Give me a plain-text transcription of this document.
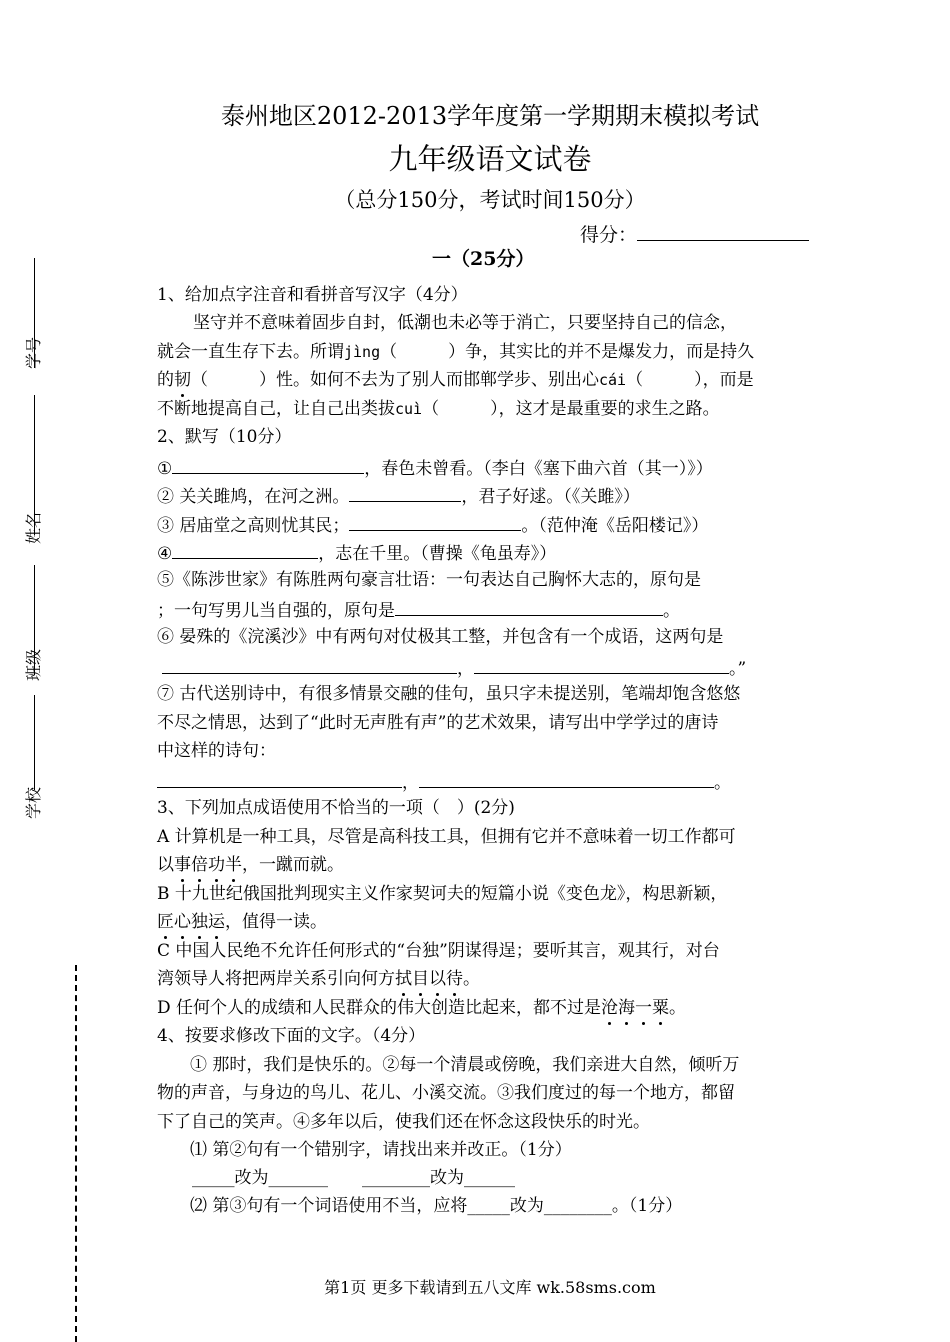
学号
姓名
班级
学校
泰州地区2012-2013学年度第一学期期末模拟考试
九年级语文试卷
（总分150分，考试时间150分）
得分：
一（25分）
1、给加点字注音和看拼音写汉字（4分）
坚守并不意味着固步自封，低潮也未必等于消亡，只要坚持自己的信念，
就会一直生存下去。所谓jìng（　　　）争，其实比的并不是爆发力，而是持久
的韧（　　　）性。如何不去为了别人而邯郸学步、别出心cái（　　　），而是
不断地提高自己，让自己出类拔cuì（　　　），这才是最重要的求生之路。
2、默写（10分）
①	，春色未曾看。（李白《塞下曲六首（其一）》）
② 关关雎鸠，在河之洲。	，君子好逑。（《关雎》）
③ 居庙堂之高则忧其民；	。（范仲淹《岳阳楼记》）
④	，志在千里。（曹操《龟虽寿》）
⑤《陈涉世家》有陈胜两句豪言壮语：一句表达自己胸怀大志的，原句是
；一句写男儿当自强的，原句是	。
⑥ 晏殊的《浣溪沙》中有两句对仗极其工整，并包含有一个成语，这两句是
，	。”
⑦ 古代送别诗中，有很多情景交融的佳句，虽只字未提送别，笔端却饱含悠悠
不尽之情思，达到了“此时无声胜有声”的艺术效果，请写出中学学过的唐诗
中这样的诗句：
，	。
3、下列加点成语使用不恰当的一项（　）(2分)
A 计算机是一种工具，尽管是高科技工具，但拥有它并不意味着一切工作都可
以事倍功半，一蹴而就。
B 十九世纪俄国批判现实主义作家契诃夫的短篇小说《变色龙》，构思新颖，
匠心独运，值得一读。
C 中国人民绝不允许任何形式的“台独”阴谋得逞；要听其言，观其行，对台
湾领导人将把两岸关系引向何方拭目以待。
D 任何个人的成绩和人民群众的伟大创造比起来，都不过是沧海一粟。
4、按要求修改下面的文字。（4分）
① 那时，我们是快乐的。②每一个清晨或傍晚，我们亲进大自然，倾听万
物的声音，与身边的鸟儿、花儿、小溪交流。③我们度过的每一个地方，都留
下了自己的笑声。④多年以后，使我们还在怀念这段快乐的时光。
⑴ 第②句有一个错别字，请找出来并改正。（1分）
_____改为_______　　________改为______
⑵ 第③句有一个词语使用不当，应将_____改为________。（1分）
第1页 更多下载请到五八文库 wk.58sms.com
